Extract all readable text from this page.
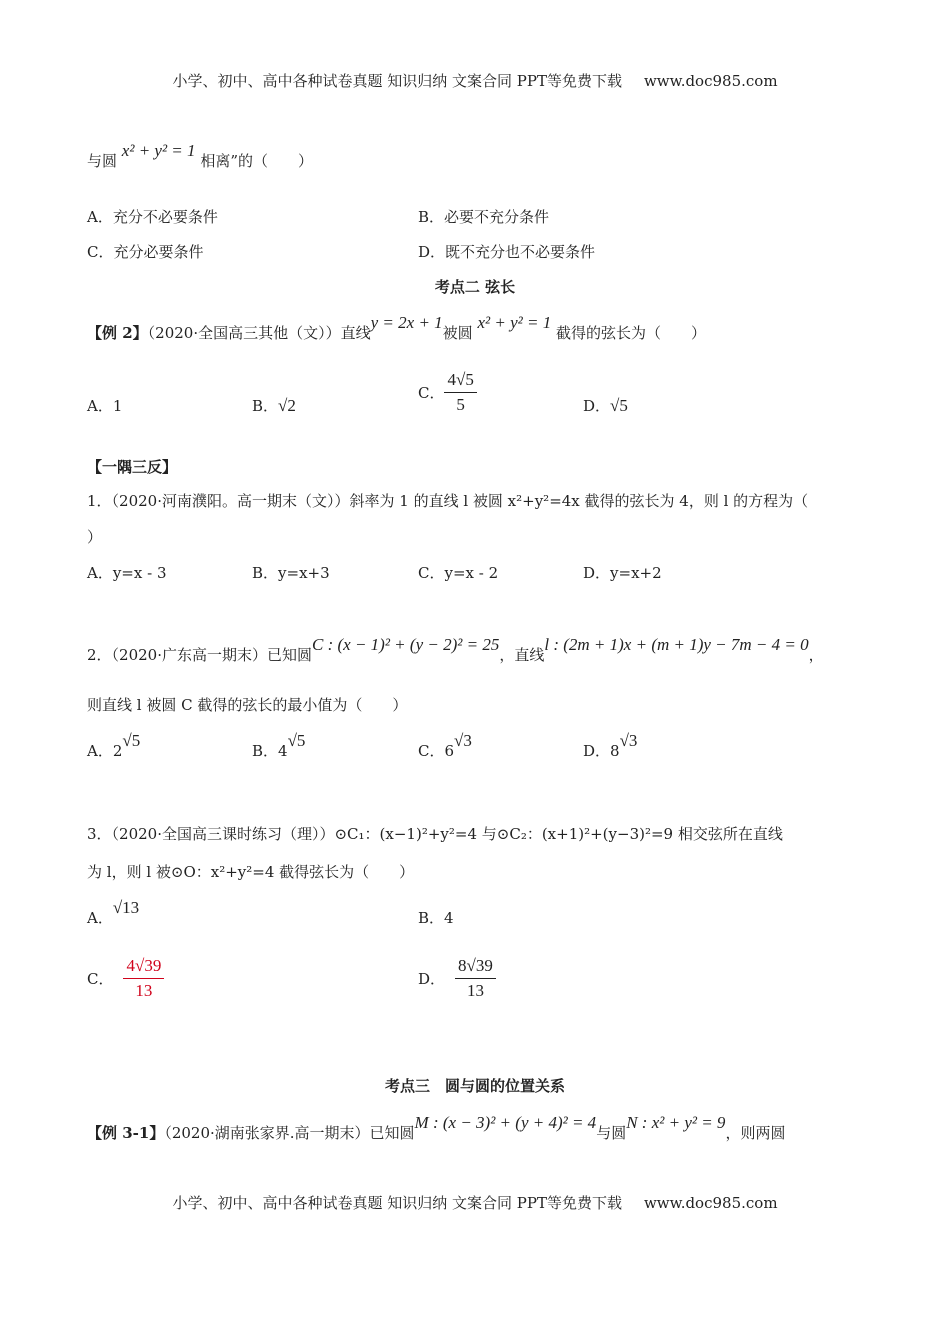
小学、初中、高中各种试卷真题 知识归纳 文案合同 PPT等免费下载 www.doc985.com
与圆 x² + y² = 1 相离”的（　　）
A．充分不必要条件	B．必要不充分条件
C．充分必要条件	D．既不充分也不必要条件
考点二 弦长
【例 2】（2020·全国高三其他（文））直线y = 2x + 1被圆 x² + y² = 1 截得的弦长为（　　）
A．1	B．√2
C． $\frac{4√5}{5}$	D．√5
【一隅三反】
1．（2020·河南濮阳。高一期末（文））斜率为 1 的直线 l 被圆 x²+y²=4x 截得的弦长为 4，则 l 的方程为（
）
A．y=x - 3	B．y=x+3	C．y=x - 2	D．y=x+2
2．（2020·广东高一期末）已知圆C : (x − 1)² + (y − 2)² = 25，直线l : (2m + 1)x + (m + 1)y − 7m − 4 = 0，
则直线 l 被圆 C 截得的弦长的最小值为（　　）
A．2√5
B．4√5
C．6√3
D．8√3
3．（2020·全国高三课时练习（理））⊙C₁：(x−1)²+y²=4 与⊙C₂：(x+1)²+(y−3)²=9 相交弦所在直线
为 l，则 l 被⊙O：x²+y²=4 截得弦长为（　　）
A．√13
B．4
C． $\frac{4√39}{13}$	D． $\frac{8√39}{13}$
考点三　圆与圆的位置关系
【例 3-1】（2020·湖南张家界.高一期末）已知圆M : (x − 3)² + (y + 4)² = 4与圆N : x² + y² = 9，则两圆
小学、初中、高中各种试卷真题 知识归纳 文案合同 PPT等免费下载 www.doc985.com
